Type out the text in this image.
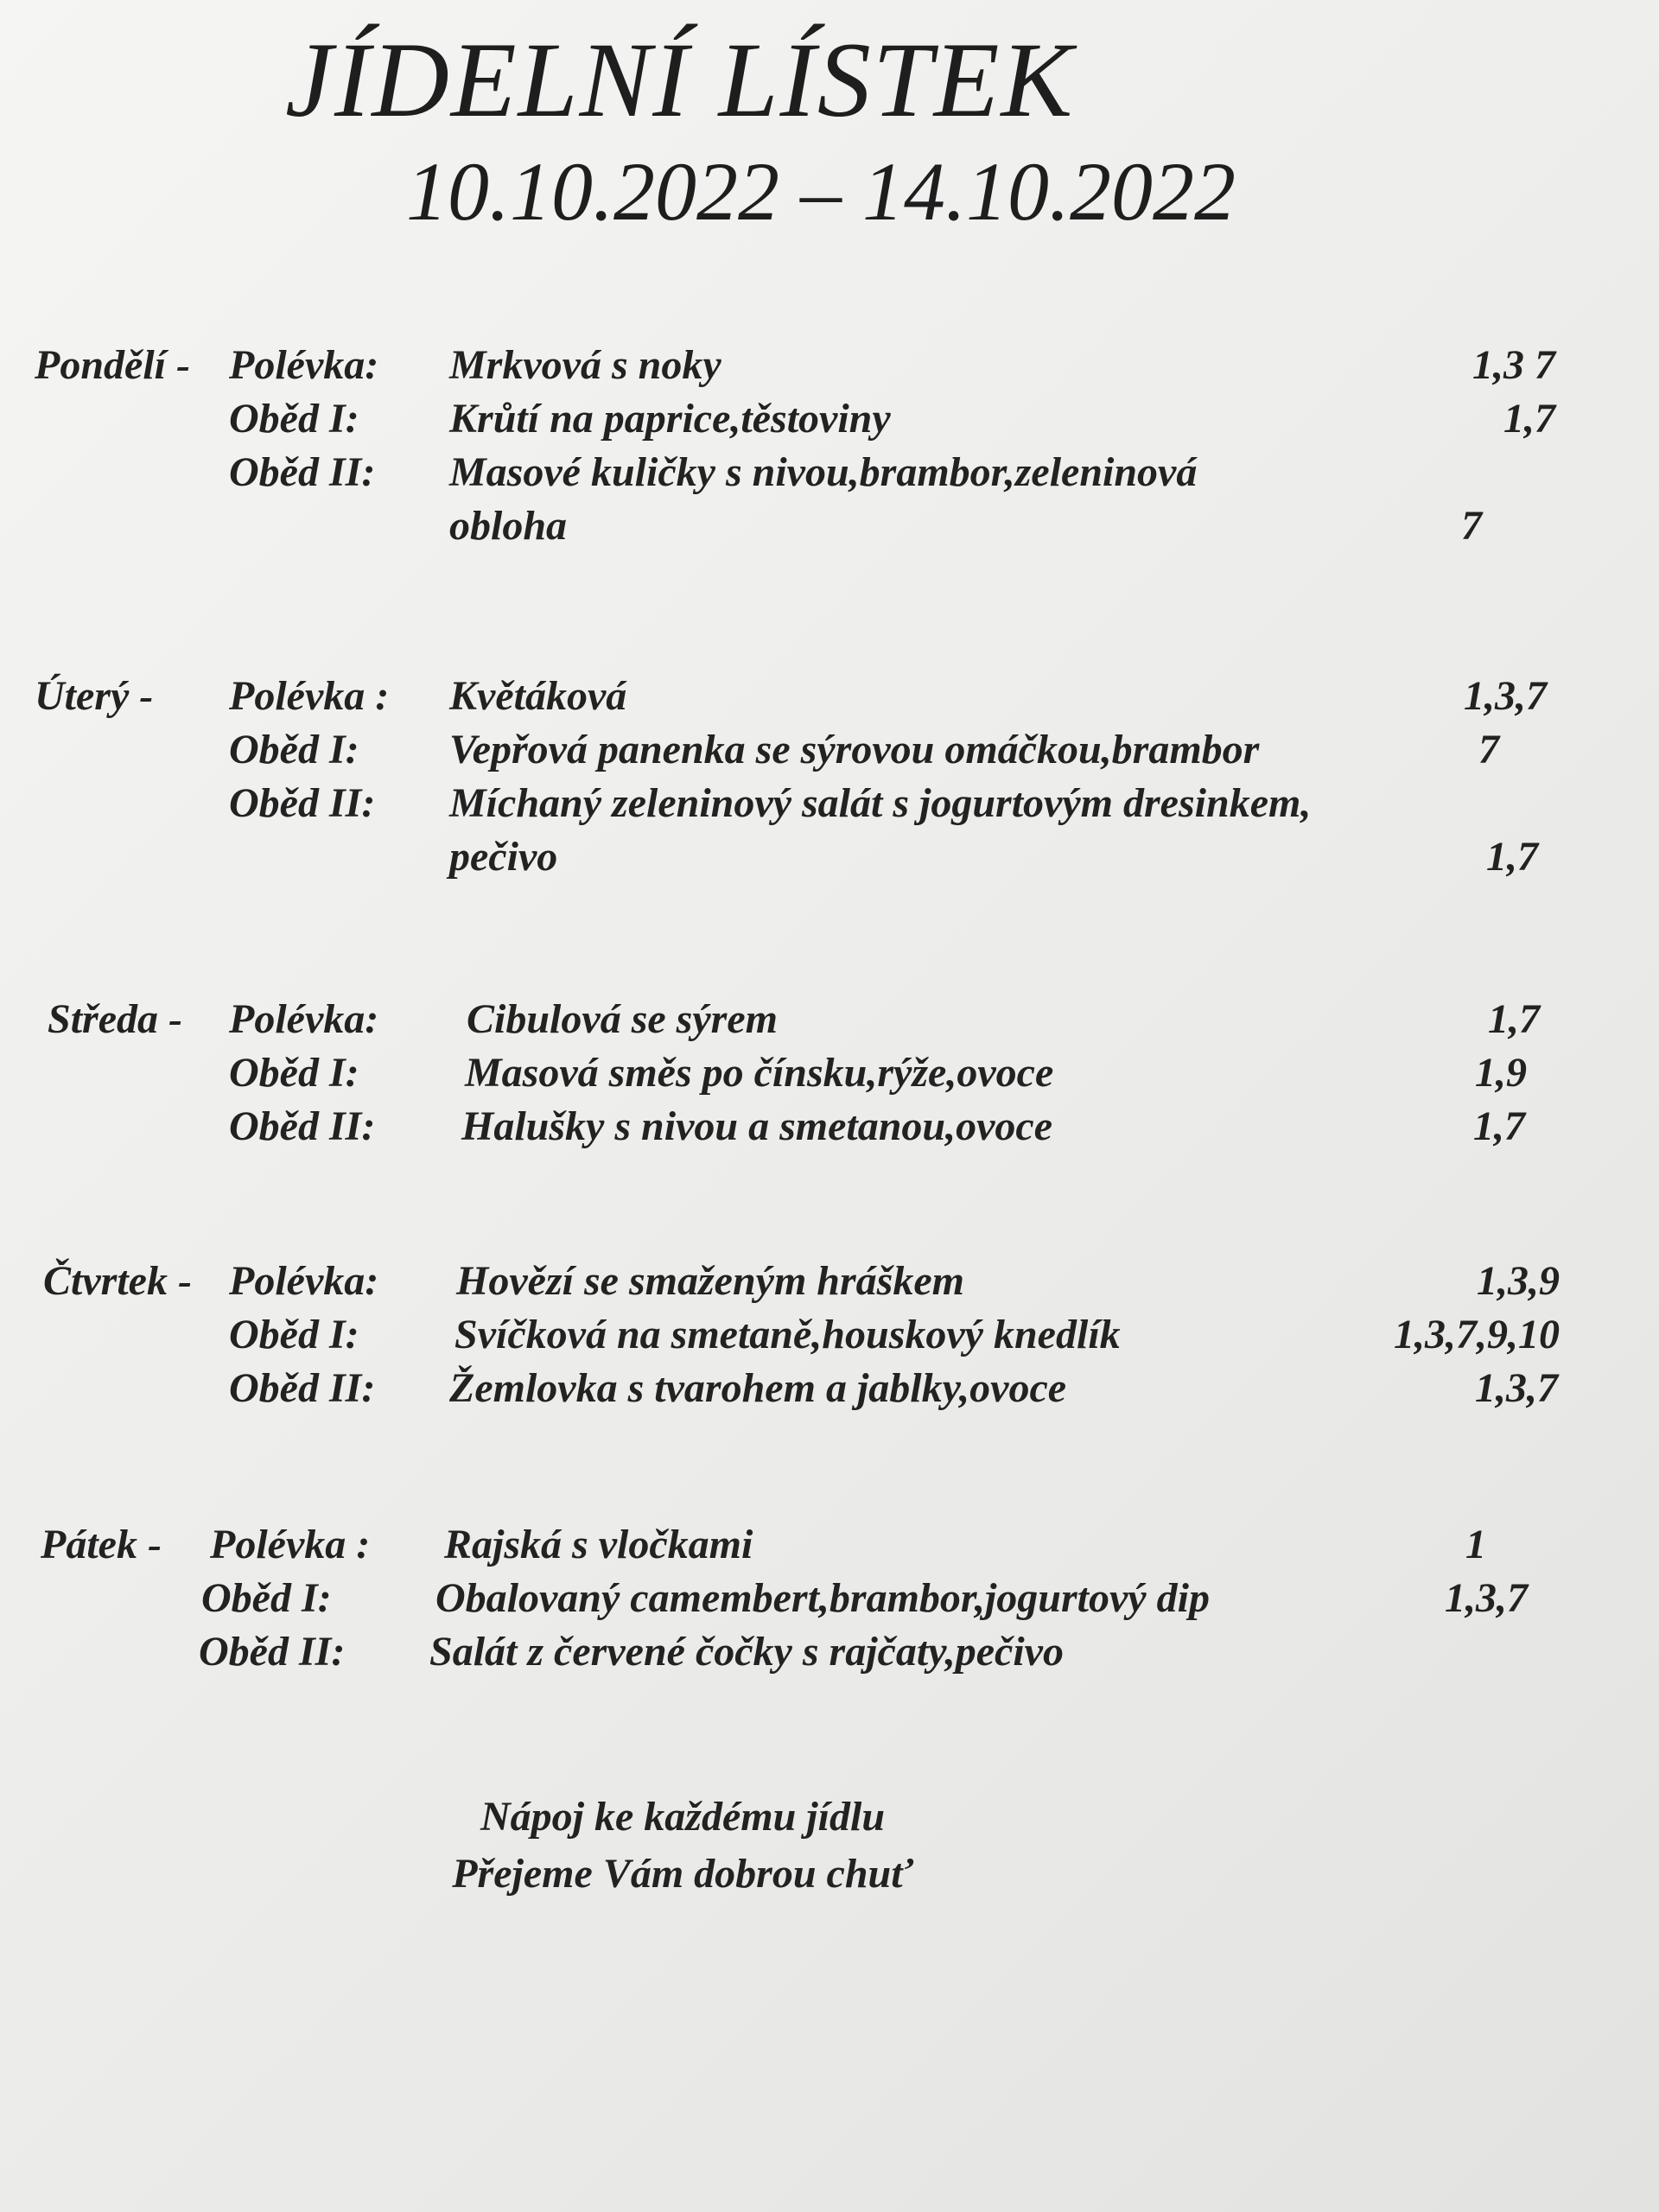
JÍDELNÍ LÍSTEK
10.10.2022 – 14.10.2022
Pondělí - Polévka: Mrkvová s noky	1,3 7
Oběd I: Krůtí na paprice,těstoviny	1,7
Oběd II: Masové kuličky s nivou,brambor,zeleninová
obloha	7
Úterý - Polévka : Květáková	1,3,7
Oběd I: Vepřová panenka se sýrovou omáčkou,brambor	7
Oběd II: Míchaný zeleninový salát s jogurtovým dresinkem,
pečivo	1,7
Středa - Polévka: Cibulová se sýrem	1,7
Oběd I:	Masová směs po čínsku,rýže,ovoce	1,9
Oběd II: Halušky s nivou a smetanou,ovoce	1,7
Čtvrtek - Polévka: Hovězí se smaženým hráškem	1,3,9
Oběd I: Svíčková na smetaně,houskový knedlík	1,3,7,9,10
Oběd II: Žemlovka s tvarohem a jablky,ovoce	1,3,7
Pátek - Polévka : Rajská s vločkami	1
Oběd I:	Obalovaný camembert,brambor,jogurtový dip	1,3,7
Oběd II: Salát z červené čočky s rajčaty,pečivo
Nápoj ke každému jídlu
Přejeme Vám dobrou chuť
